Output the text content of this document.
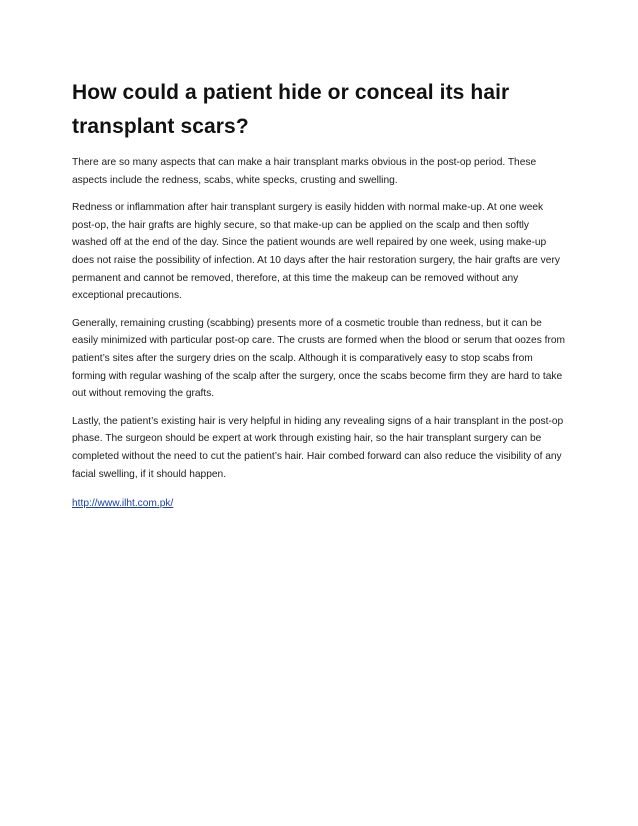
How could a patient hide or conceal its hair transplant scars?

There are so many aspects that can make a hair transplant marks obvious in the post-op period. These aspects include the redness, scabs, white specks, crusting and swelling.

Redness or inflammation after hair transplant surgery is easily hidden with normal make-up. At one week post-op, the hair grafts are highly secure, so that make-up can be applied on the scalp and then softly washed off at the end of the day. Since the patient wounds are well repaired by one week, using make-up does not raise the possibility of infection. At 10 days after the hair restoration surgery, the hair grafts are very permanent and cannot be removed, therefore, at this time the makeup can be removed without any exceptional precautions.

Generally, remaining crusting (scabbing) presents more of a cosmetic trouble than redness, but it can be easily minimized with particular post-op care. The crusts are formed when the blood or serum that oozes from patient’s sites after the surgery dries on the scalp. Although it is comparatively easy to stop scabs from forming with regular washing of the scalp after the surgery, once the scabs become firm they are hard to take out without removing the grafts.

Lastly, the patient’s existing hair is very helpful in hiding any revealing signs of a hair transplant in the post-op phase. The surgeon should be expert at work through existing hair, so the hair transplant surgery can be completed without the need to cut the patient’s hair. Hair combed forward can also reduce the visibility of any facial swelling, if it should happen.

http://www.ilht.com.pk/
